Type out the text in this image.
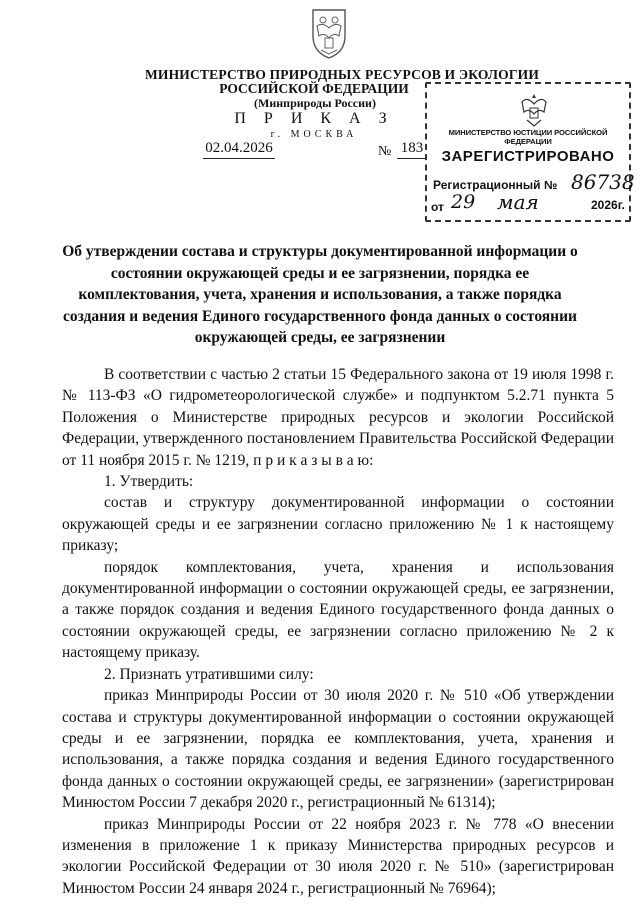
МИНИСТЕРСТВО ПРИРОДНЫХ РЕСУРСОВ И ЭКОЛОГИИ
РОССИЙСКОЙ ФЕДЕРАЦИИ
(Минприроды России)
П Р И К А З
г. МОСКВА
02.04.2026	№ 183
МИНИСТЕРСТВО ЮСТИЦИИ РОССИЙСКОЙ ФЕДЕРАЦИИ
ЗАРЕГИСТРИРОВАНО
Регистрационный № 86738
от 29 мая	2026г.
Об утверждении состава и структуры документированной информации о состоянии окружающей среды и ее загрязнении, порядка ее комплектования, учета, хранения и использования, а также порядка создания и ведения Единого государственного фонда данных о состоянии окружающей среды, ее загрязнении

В соответствии с частью 2 статьи 15 Федерального закона от 19 июля 1998 г. № 113-ФЗ «О гидрометеорологической службе» и подпунктом 5.2.71 пункта 5 Положения о Министерстве природных ресурсов и экологии Российской Федерации, утвержденного постановлением Правительства Российской Федерации от 11 ноября 2015 г. № 1219, п р и к а з ы в а ю:

1. Утвердить:

состав и структуру документированной информации о состоянии окружающей среды и ее загрязнении согласно приложению № 1 к настоящему приказу;

порядок комплектования, учета, хранения и использования документированной информации о состоянии окружающей среды, ее загрязнении, а также порядок создания и ведения Единого государственного фонда данных о состоянии окружающей среды, ее загрязнении согласно приложению № 2 к настоящему приказу.

2. Признать утратившими силу:

приказ Минприроды России от 30 июля 2020 г. № 510 «Об утверждении состава и структуры документированной информации о состоянии окружающей среды и ее загрязнении, порядка ее комплектования, учета, хранения и использования, а также порядка создания и ведения Единого государственного фонда данных о состоянии окружающей среды, ее загрязнении» (зарегистрирован Минюстом России 7 декабря 2020 г., регистрационный № 61314);

приказ Минприроды России от 22 ноября 2023 г. № 778 «О внесении изменения в приложение 1 к приказу Министерства природных ресурсов и экологии Российской Федерации от 30 июля 2020 г. № 510» (зарегистрирован Минюстом России 24 января 2024 г., регистрационный № 76964);
